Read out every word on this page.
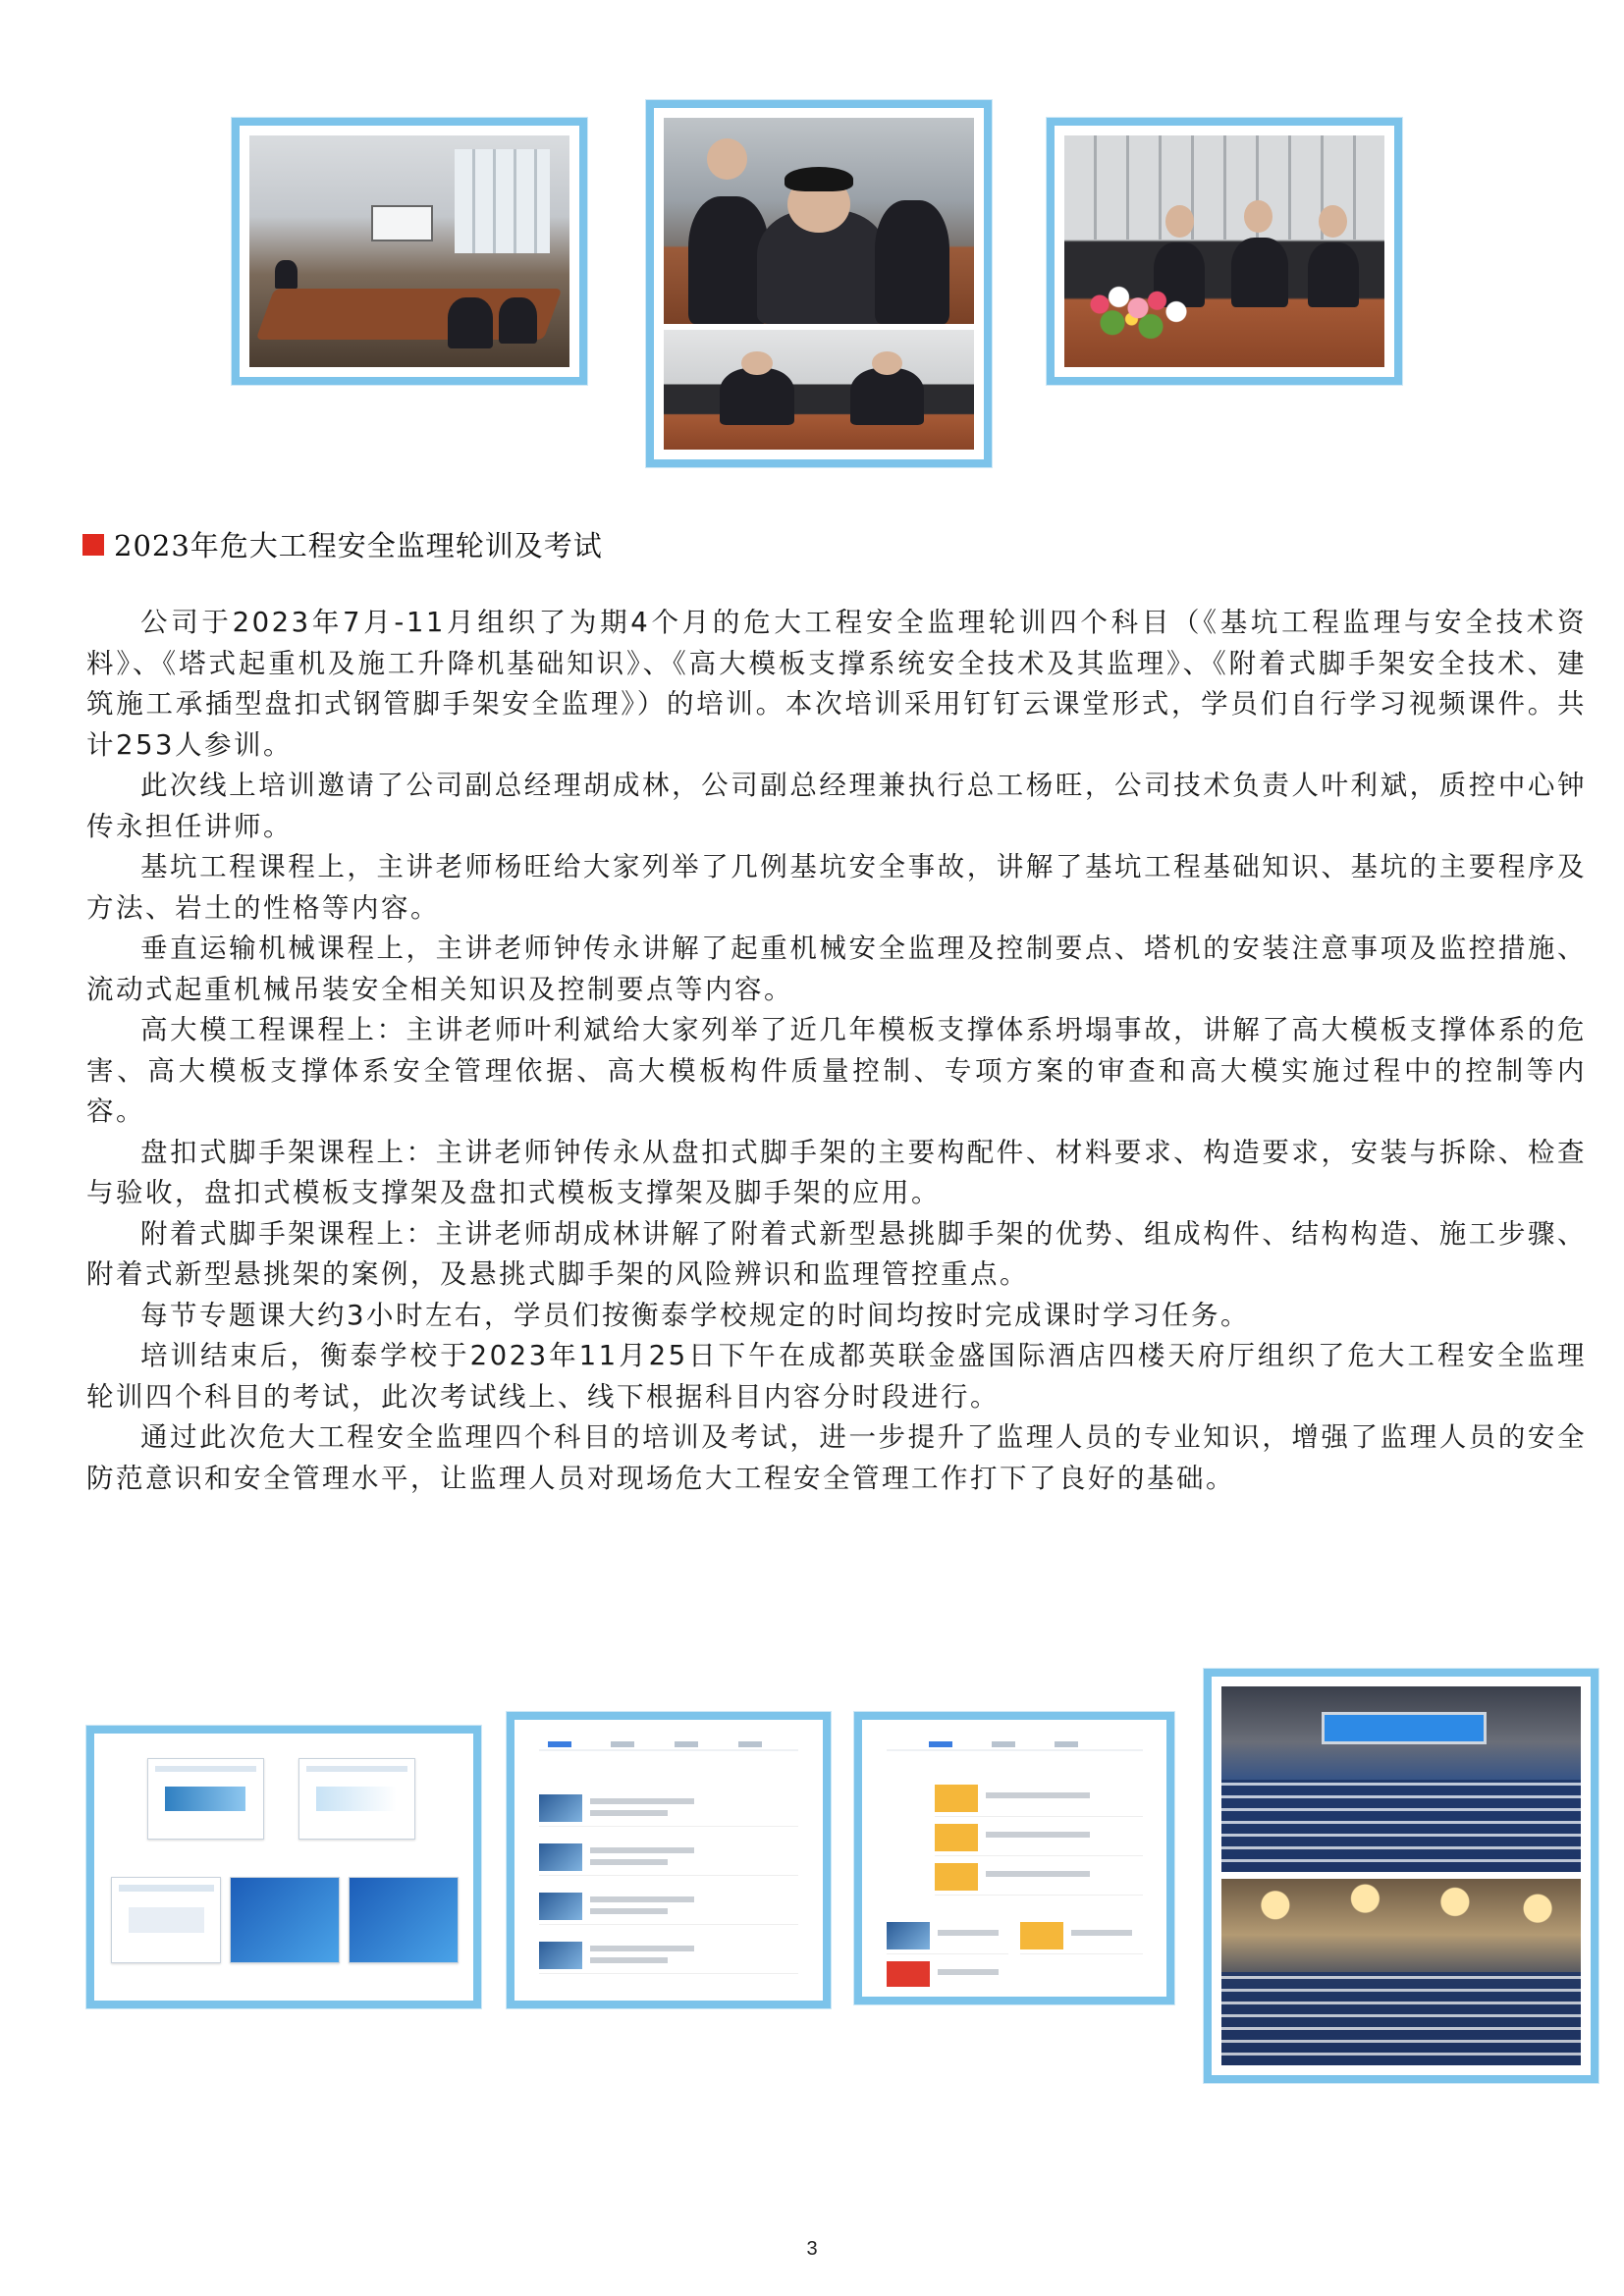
2023年危大工程安全监理轮训及考试

公司于2023年7月-11月组织了为期4个月的危大工程安全监理轮训四个科目（《基坑工程监理与安全技术资料》、《塔式起重机及施工升降机基础知识》、《高大模板支撑系统安全技术及其监理》、《附着式脚手架安全技术、建筑施工承插型盘扣式钢管脚手架安全监理》）的培训。本次培训采用钉钉云课堂形式，学员们自行学习视频课件。共计253人参训。

此次线上培训邀请了公司副总经理胡成林，公司副总经理兼执行总工杨旺，公司技术负责人叶利斌，质控中心钟传永担任讲师。

基坑工程课程上，主讲老师杨旺给大家列举了几例基坑安全事故，讲解了基坑工程基础知识、基坑的主要程序及方法、岩土的性格等内容。

垂直运输机械课程上，主讲老师钟传永讲解了起重机械安全监理及控制要点、塔机的安装注意事项及监控措施、流动式起重机械吊装安全相关知识及控制要点等内容。

高大模工程课程上：主讲老师叶利斌给大家列举了近几年模板支撑体系坍塌事故，讲解了高大模板支撑体系的危害、高大模板支撑体系安全管理依据、高大模板构件质量控制、专项方案的审查和高大模实施过程中的控制等内容。

盘扣式脚手架课程上：主讲老师钟传永从盘扣式脚手架的主要构配件、材料要求、构造要求，安装与拆除、检查与验收，盘扣式模板支撑架及盘扣式模板支撑架及脚手架的应用。

附着式脚手架课程上：主讲老师胡成林讲解了附着式新型悬挑脚手架的优势、组成构件、结构构造、施工步骤、附着式新型悬挑架的案例，及悬挑式脚手架的风险辨识和监理管控重点。

每节专题课大约3小时左右，学员们按衡泰学校规定的时间均按时完成课时学习任务。

培训结束后，衡泰学校于2023年11月25日下午在成都英联金盛国际酒店四楼天府厅组织了危大工程安全监理轮训四个科目的考试，此次考试线上、线下根据科目内容分时段进行。

通过此次危大工程安全监理四个科目的培训及考试，进一步提升了监理人员的专业知识，增强了监理人员的安全防范意识和安全管理水平，让监理人员对现场危大工程安全管理工作打下了良好的基础。

3
